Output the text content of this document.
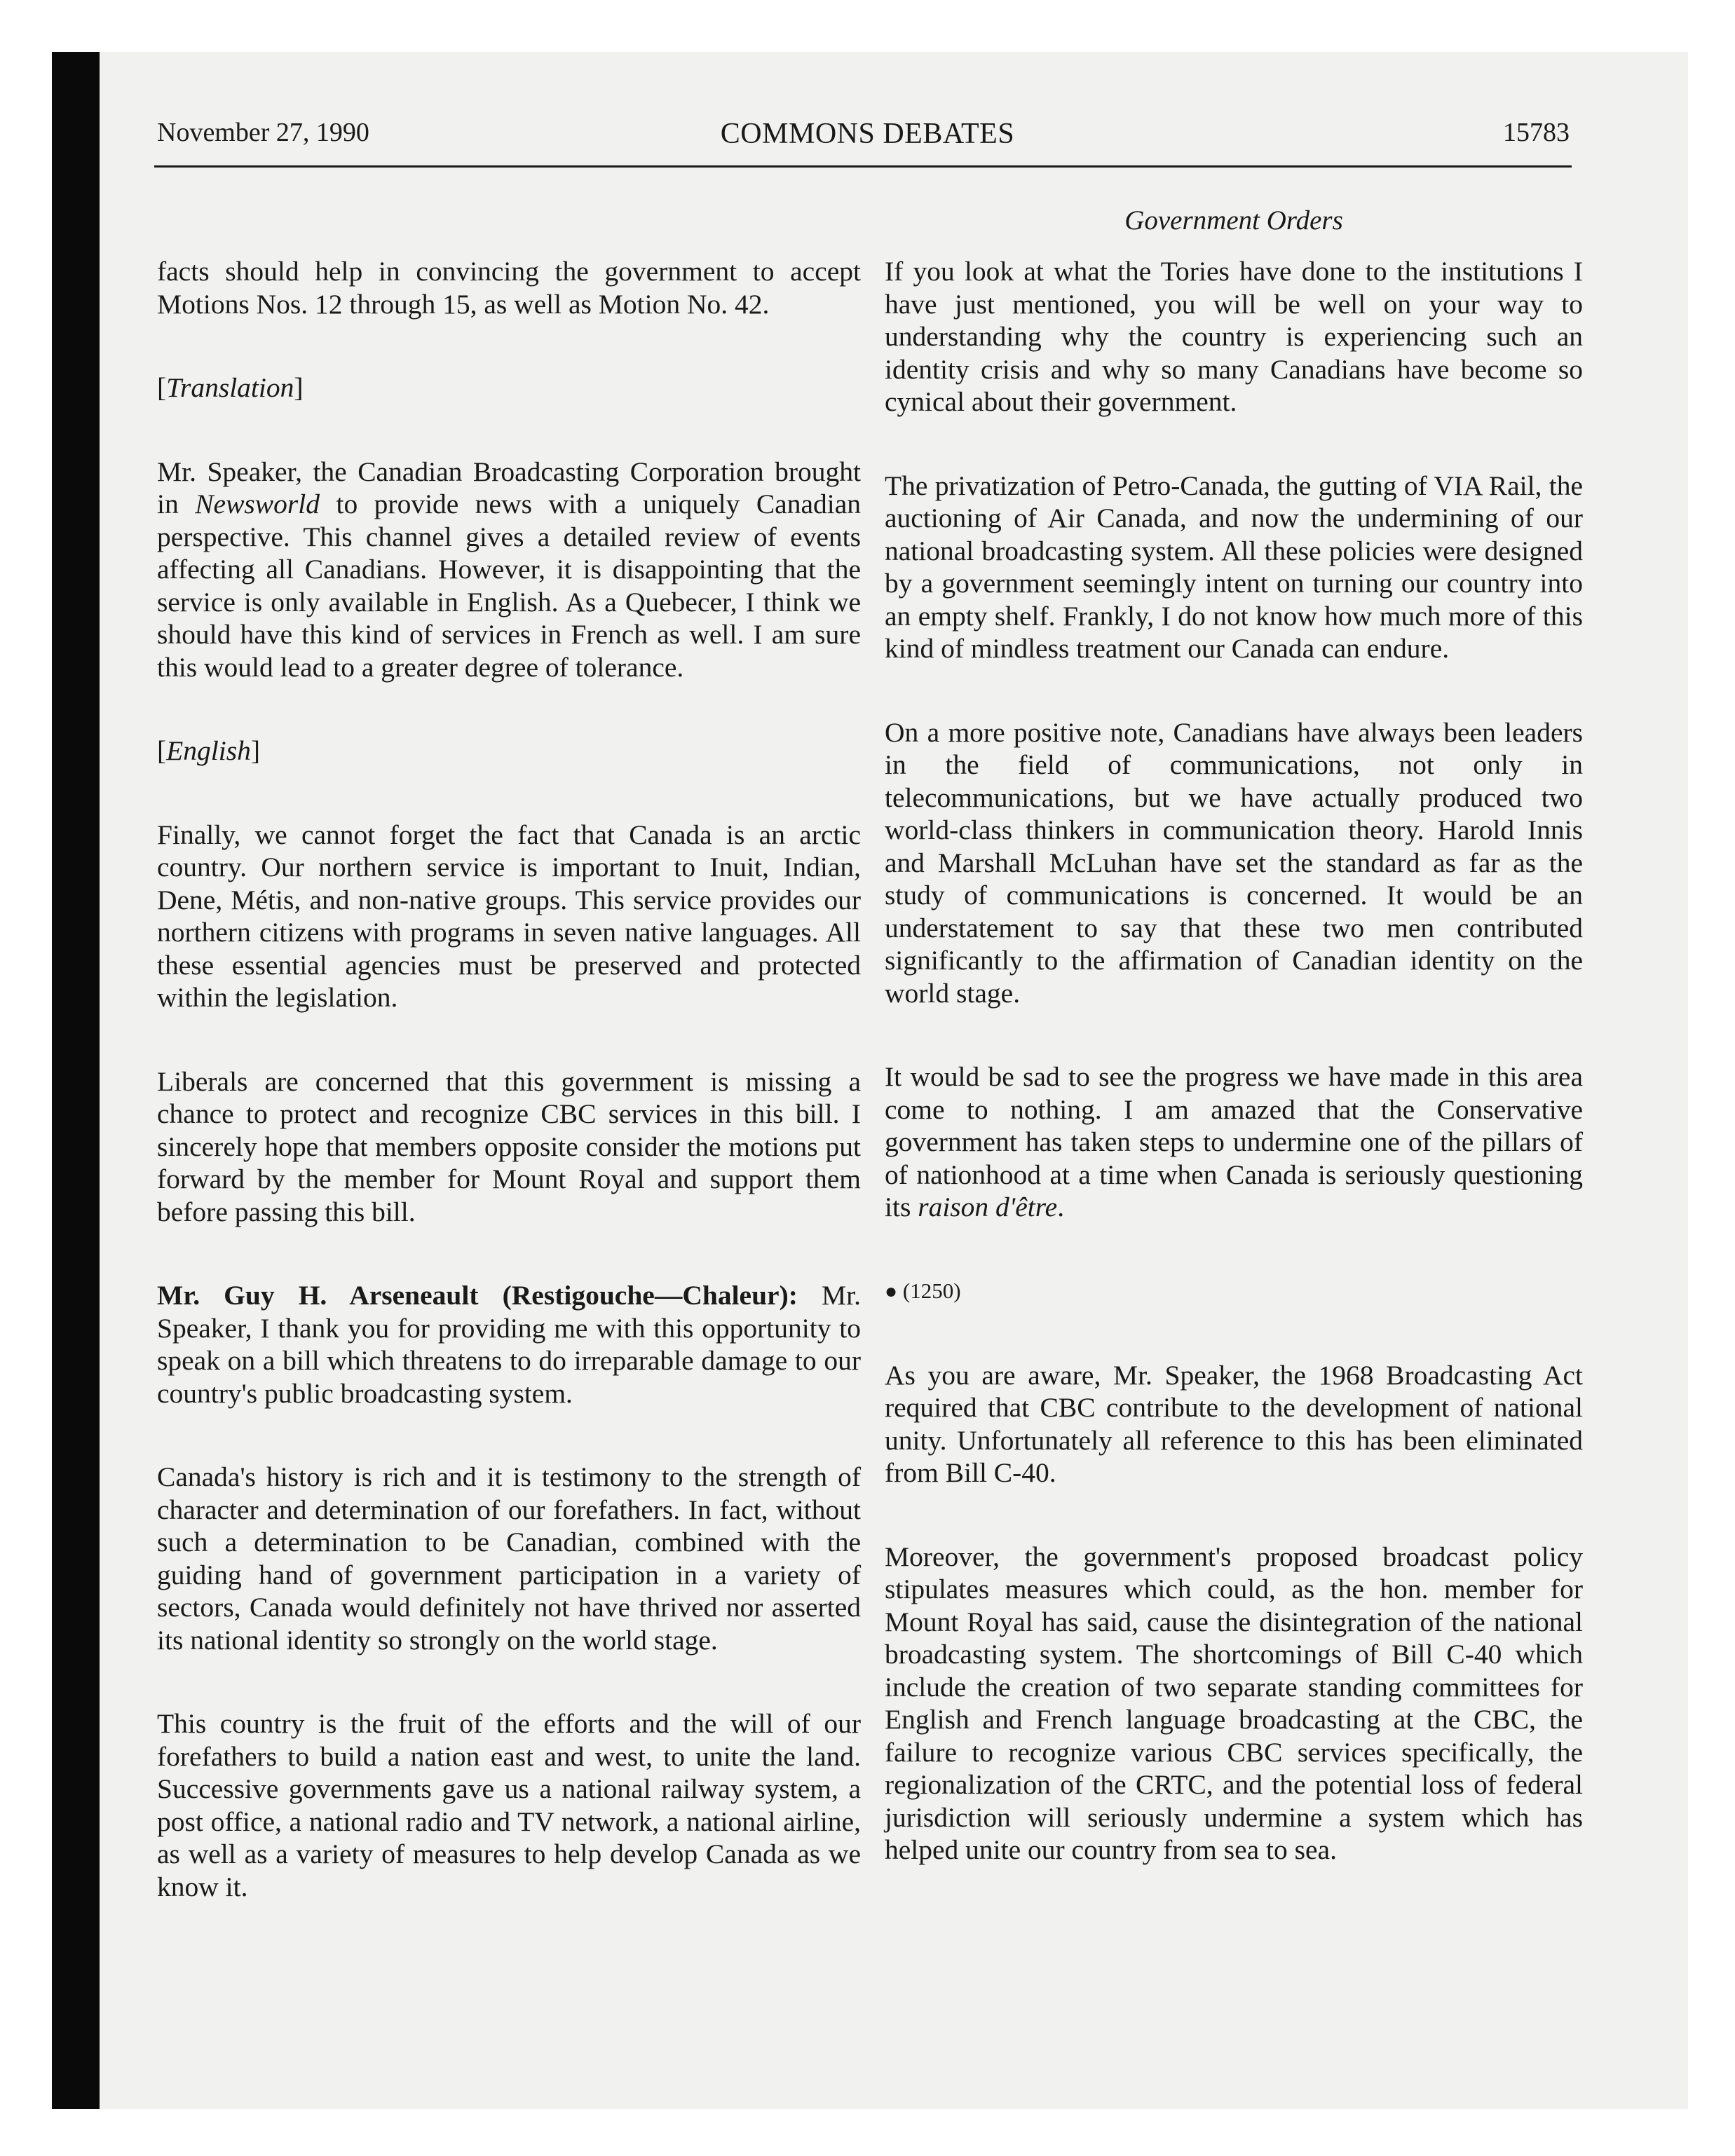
November 27, 1990	COMMONS DEBATES	15783
Government Orders

facts should help in convincing the government to accept Motions Nos. 12 through 15, as well as Motion No. 42.

[Translation]

Mr. Speaker, the Canadian Broadcasting Corporation brought in Newsworld to provide news with a uniquely Canadian perspective. This channel gives a detailed review of events affecting all Canadians. However, it is disappointing that the service is only available in English. As a Quebecer, I think we should have this kind of services in French as well. I am sure this would lead to a greater degree of tolerance.

[English]

Finally, we cannot forget the fact that Canada is an arctic country. Our northern service is important to Inuit, Indian, Dene, Métis, and non-native groups. This service provides our northern citizens with programs in seven native languages. All these essential agencies must be preserved and protected within the legislation.

Liberals are concerned that this government is missing a chance to protect and recognize CBC services in this bill. I sincerely hope that members opposite consider the motions put forward by the member for Mount Royal and support them before passing this bill.

Mr. Guy H. Arseneault (Restigouche—Chaleur): Mr. Speaker, I thank you for providing me with this opportunity to speak on a bill which threatens to do irreparable damage to our country's public broadcasting system.

Canada's history is rich and it is testimony to the strength of character and determination of our forefathers. In fact, without such a determination to be Canadian, combined with the guiding hand of government participation in a variety of sectors, Canada would definitely not have thrived nor asserted its national identity so strongly on the world stage.

This country is the fruit of the efforts and the will of our forefathers to build a nation east and west, to unite the land. Successive governments gave us a national railway system, a post office, a national radio and TV network, a national airline, as well as a variety of measures to help develop Canada as we know it.

If you look at what the Tories have done to the institutions I have just mentioned, you will be well on your way to understanding why the country is experiencing such an identity crisis and why so many Canadians have become so cynical about their government.

The privatization of Petro-Canada, the gutting of VIA Rail, the auctioning of Air Canada, and now the undermining of our national broadcasting system. All these policies were designed by a government seemingly intent on turning our country into an empty shelf. Frankly, I do not know how much more of this kind of mindless treatment our Canada can endure.

On a more positive note, Canadians have always been leaders in the field of communications, not only in telecommunications, but we have actually produced two world-class thinkers in communication theory. Harold Innis and Marshall McLuhan have set the standard as far as the study of communications is concerned. It would be an understatement to say that these two men contributed significantly to the affirmation of Canadian identity on the world stage.

It would be sad to see the progress we have made in this area come to nothing. I am amazed that the Conservative government has taken steps to undermine one of the pillars of of nationhood at a time when Canada is seriously questioning its raison d'être.

● (1250)

As you are aware, Mr. Speaker, the 1968 Broadcasting Act required that CBC contribute to the development of national unity. Unfortunately all reference to this has been eliminated from Bill C-40.

Moreover, the government's proposed broadcast policy stipulates measures which could, as the hon. member for Mount Royal has said, cause the disintegration of the national broadcasting system. The shortcomings of Bill C-40 which include the creation of two separate standing committees for English and French language broadcasting at the CBC, the failure to recognize various CBC services specifically, the regionalization of the CRTC, and the potential loss of federal jurisdiction will seriously undermine a system which has helped unite our country from sea to sea.
